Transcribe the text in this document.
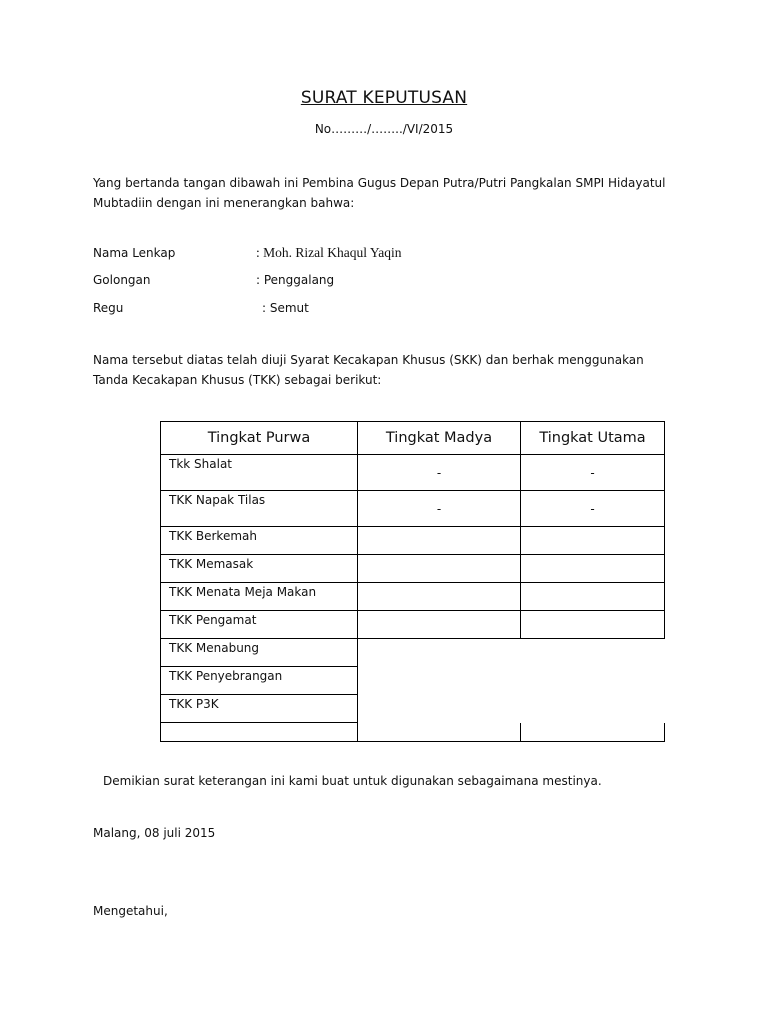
SURAT KEPUTUSAN
No………/……../VI/2015
Yang bertanda tangan dibawah ini Pembina Gugus Depan Putra/Putri Pangkalan SMPI Hidayatul Mubtadiin dengan ini menerangkan bahwa:
Nama Lenkap	: Moh. Rizal Khaqul Yaqin
Golongan	: Penggalang
Regu	: Semut
Nama tersebut diatas telah diuji Syarat Kecakapan Khusus (SKK) dan berhak menggunakan Tanda Kecakapan Khusus (TKK) sebagai berikut:
Tingkat Purwa	Tingkat Madya	Tingkat Utama

Tkk Shalat	-	-

TKK Napak Tilas	-	-

TKK Berkemah		

TKK Memasak		

TKK Menata Meja Makan		

TKK Pengamat		

TKK Menabung		

TKK Penyebrangan		

TKK P3K		

Demikian surat keterangan ini kami buat untuk digunakan sebagaimana mestinya.
Malang, 08 juli 2015
Mengetahui,
